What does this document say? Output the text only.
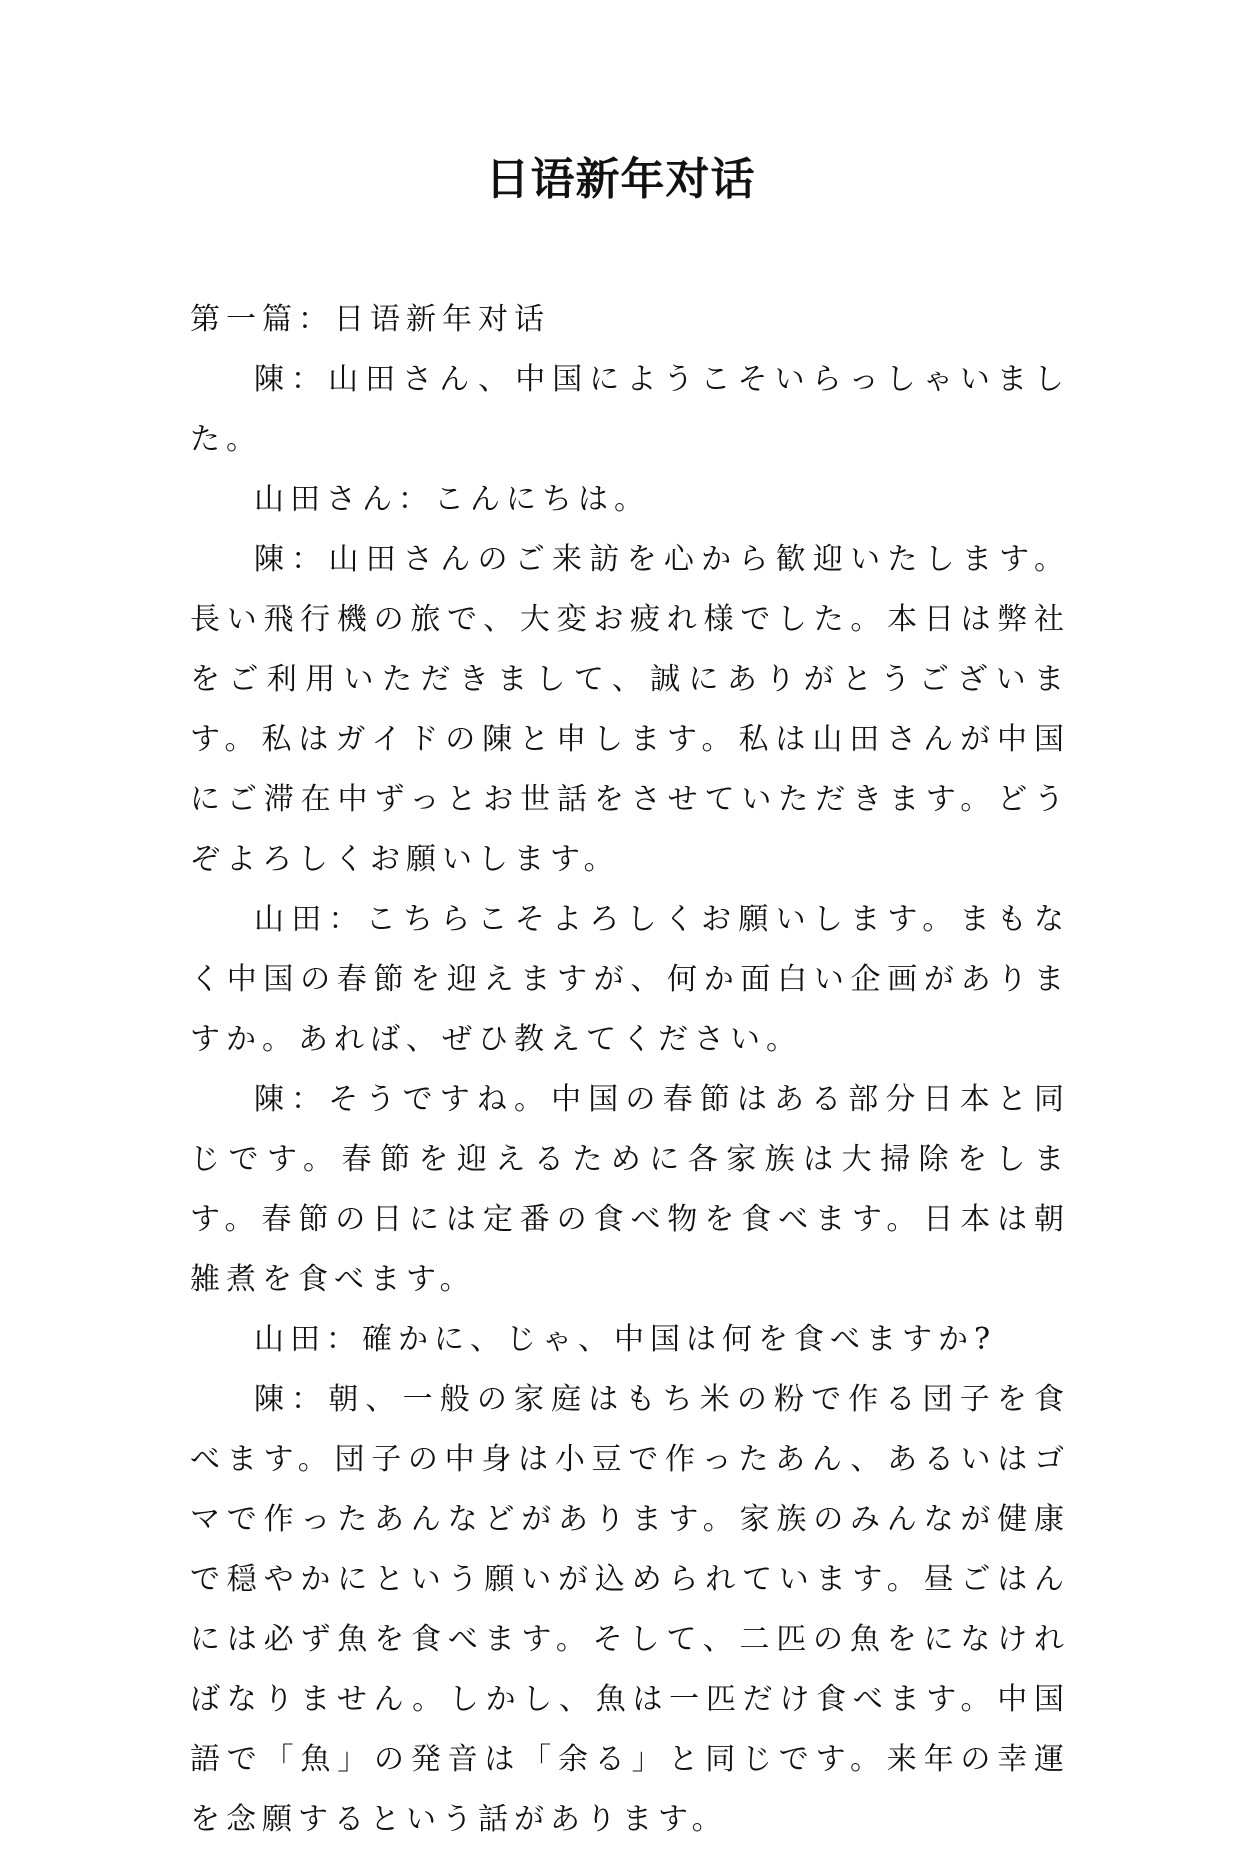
日语新年对话

第一篇：日语新年对话

陳：山田さん、中国にようこそいらっしゃいました。

山田さん：こんにちは。

陳：山田さんのご来訪を心から歓迎いたします。長い飛行機の旅で、大変お疲れ様でした。本日は弊社をご利用いただきまして、誠にありがとうございます。私はガイドの陳と申します。私は山田さんが中国にご滞在中ずっとお世話をさせていただきます。どうぞよろしくお願いします。

山田：こちらこそよろしくお願いします。まもなく中国の春節を迎えますが、何か面白い企画がありますか。あれば、ぜひ教えてください。

陳：そうですね。中国の春節はある部分日本と同じです。春節を迎えるために各家族は大掃除をします。春節の日には定番の食べ物を食べます。日本は朝雑煮を食べます。

山田：確かに、じゃ、中国は何を食べますか?

陳：朝、一般の家庭はもち米の粉で作る団子を食べます。団子の中身は小豆で作ったあん、あるいはゴマで作ったあんなどがあります。家族のみんなが健康で穏やかにという願いが込められています。昼ごはんには必ず魚を食べます。そして、二匹の魚をになければなりません。しかし、魚は一匹だけ食べます。中国語で「魚」の発音は「余る」と同じです。来年の幸運を念願するという話があります。
